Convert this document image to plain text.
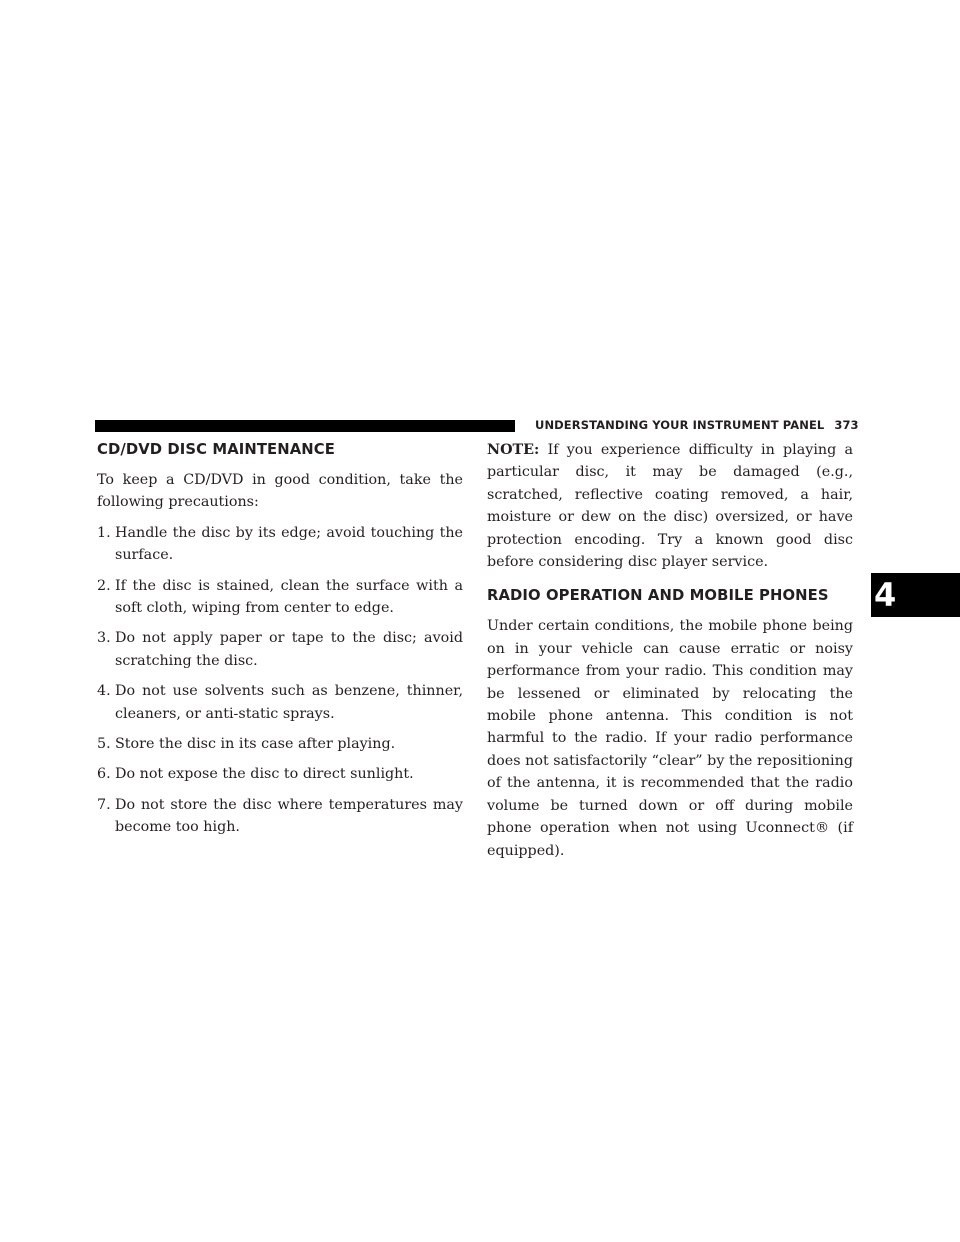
UNDERSTANDING YOUR INSTRUMENT PANEL 373
4
CD/DVD DISC MAINTENANCE

To keep a CD/DVD in good condition, take the following precautions:

1. Handle the disc by its edge; avoid touching the surface.
2. If the disc is stained, clean the surface with a soft cloth, wiping from center to edge.
3. Do not apply paper or tape to the disc; avoid scratching the disc.
4. Do not use solvents such as benzene, thinner, cleaners, or anti-static sprays.
5. Store the disc in its case after playing.
6. Do not expose the disc to direct sunlight.
7. Do not store the disc where temperatures may become too high.

NOTE: If you experience difficulty in playing a particular disc, it may be damaged (e.g., scratched, reflective coating removed, a hair, moisture or dew on the disc) oversized, or have protection encoding. Try a known good disc before considering disc player service.

RADIO OPERATION AND MOBILE PHONES

Under certain conditions, the mobile phone being on in your vehicle can cause erratic or noisy performance from your radio. This condition may be lessened or eliminated by relocating the mobile phone antenna. This condition is not harmful to the radio. If your radio performance does not satisfactorily “clear” by the repositioning of the antenna, it is recommended that the radio volume be turned down or off during mobile phone operation when not using Uconnect® (if equipped).
